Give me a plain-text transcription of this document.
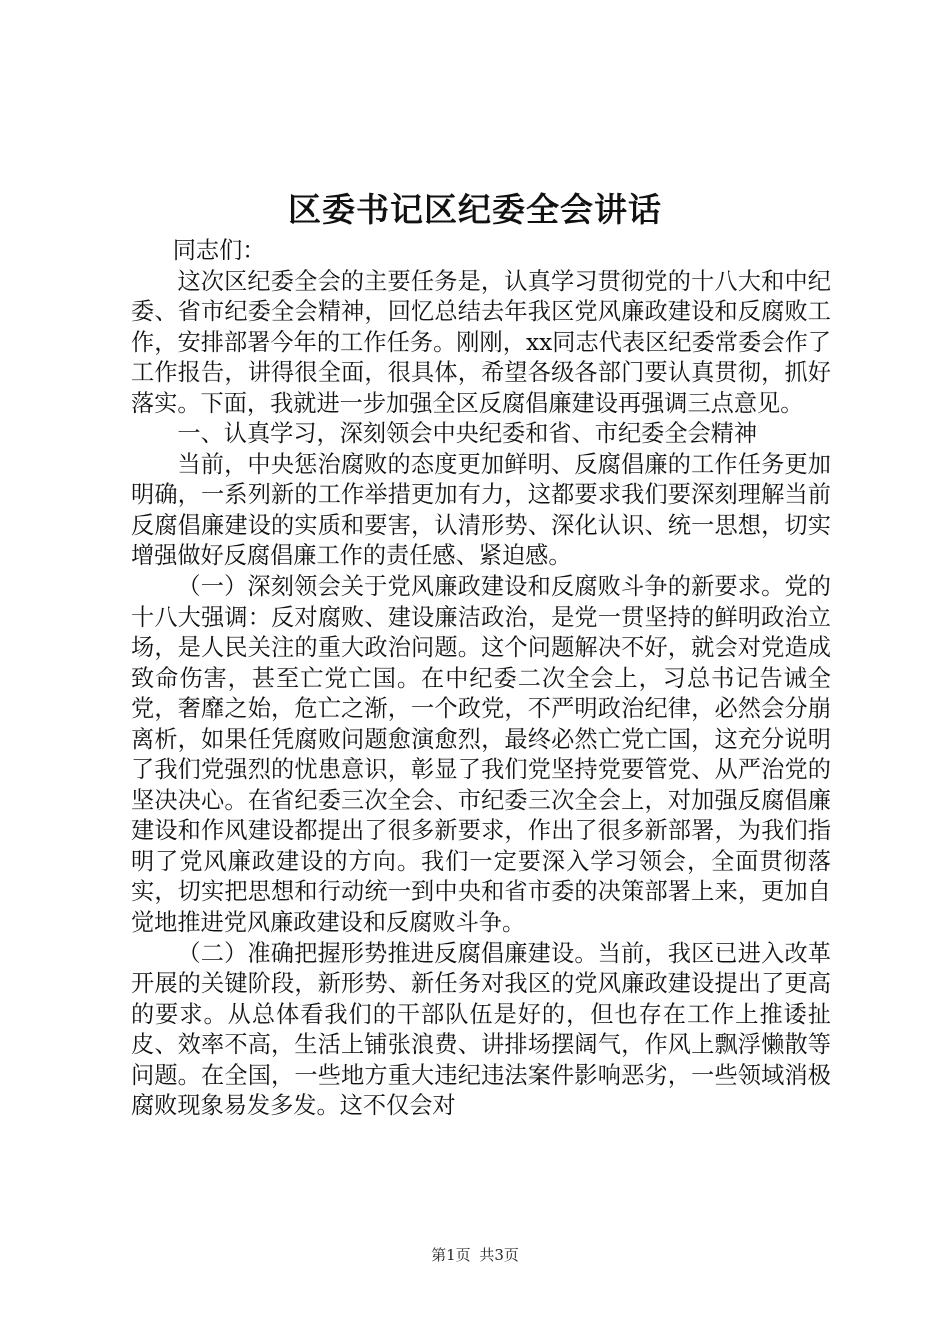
区委书记区纪委全会讲话

同志们：

这次区纪委全会的主要任务是，认真学习贯彻党的十八大和中纪委、省市纪委全会精神，回忆总结去年我区党风廉政建设和反腐败工作，安排部署今年的工作任务。刚刚，xx同志代表区纪委常委会作了工作报告，讲得很全面，很具体，希望各级各部门要认真贯彻，抓好落实。下面，我就进一步加强全区反腐倡廉建设再强调三点意见。

一、认真学习，深刻领会中央纪委和省、市纪委全会精神

当前，中央惩治腐败的态度更加鲜明、反腐倡廉的工作任务更加明确，一系列新的工作举措更加有力，这都要求我们要深刻理解当前反腐倡廉建设的实质和要害，认清形势、深化认识、统一思想，切实增强做好反腐倡廉工作的责任感、紧迫感。

（一）深刻领会关于党风廉政建设和反腐败斗争的新要求。党的十八大强调：反对腐败、建设廉洁政治，是党一贯坚持的鲜明政治立场，是人民关注的重大政治问题。这个问题解决不好，就会对党造成致命伤害，甚至亡党亡国。在中纪委二次全会上，习总书记告诫全党，奢靡之始，危亡之渐，一个政党，不严明政治纪律，必然会分崩离析，如果任凭腐败问题愈演愈烈，最终必然亡党亡国，这充分说明了我们党强烈的忧患意识，彰显了我们党坚持党要管党、从严治党的坚决决心。在省纪委三次全会、市纪委三次全会上，对加强反腐倡廉建设和作风建设都提出了很多新要求，作出了很多新部署，为我们指明了党风廉政建设的方向。我们一定要深入学习领会，全面贯彻落实，切实把思想和行动统一到中央和省市委的决策部署上来，更加自觉地推进党风廉政建设和反腐败斗争。

（二）准确把握形势推进反腐倡廉建设。当前，我区已进入改革开展的关键阶段，新形势、新任务对我区的党风廉政建设提出了更高的要求。从总体看我们的干部队伍是好的，但也存在工作上推诿扯皮、效率不高，生活上铺张浪费、讲排场摆阔气，作风上飘浮懒散等问题。在全国，一些地方重大违纪违法案件影响恶劣，一些领域消极腐败现象易发多发。这不仅会对

第1页 共3页
